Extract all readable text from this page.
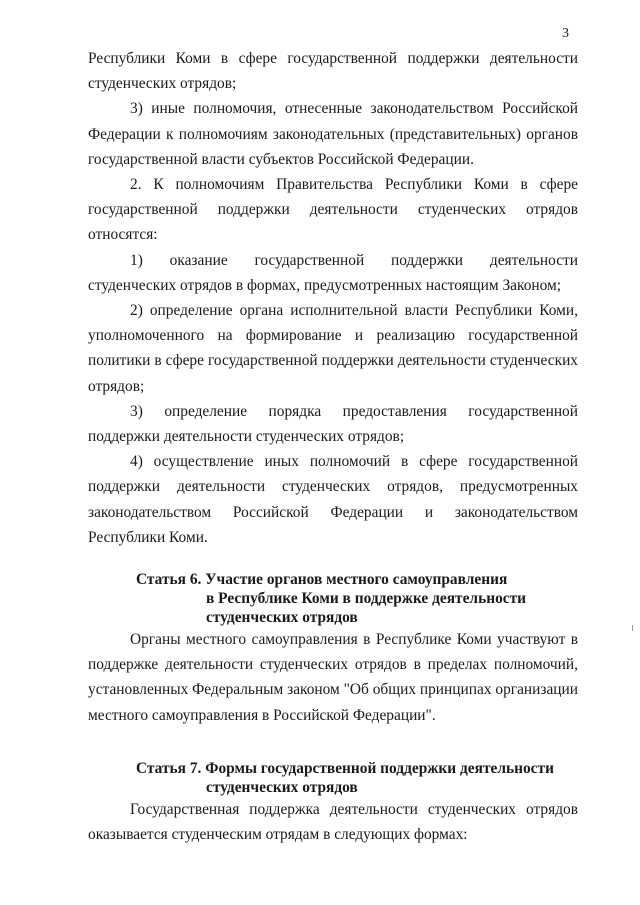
3

Республики Коми в сфере государственной поддержки деятельности студенческих отрядов;

3) иные полномочия, отнесенные законодательством Российской Федерации к полномочиям законодательных (представительных) органов государственной власти субъектов Российской Федерации.

2. К полномочиям Правительства Республики Коми в сфере государственной поддержки деятельности студенческих отрядов относятся:

1) оказание государственной поддержки деятельности студенческих отрядов в формах, предусмотренных настоящим Законом;

2) определение органа исполнительной власти Республики Коми, уполномоченного на формирование и реализацию государственной политики в сфере государственной поддержки деятельности студенческих отрядов;

3) определение порядка предоставления государственной поддержки деятельности студенческих отрядов;

4) осуществление иных полномочий в сфере государственной поддержки деятельности студенческих отрядов, предусмотренных законодательством Российской Федерации и законодательством Республики Коми.

Статья 6. Участие органов местного самоуправления
в Республике Коми в поддержке деятельности
студенческих отрядов

Органы местного самоуправления в Республике Коми участвуют в поддержке деятельности студенческих отрядов в пределах полномочий, установленных Федеральным законом "Об общих принципах организации местного самоуправления в Российской Федерации".

Статья 7. Формы государственной поддержки деятельности
студенческих отрядов

Государственная поддержка деятельности студенческих отрядов оказывается студенческим отрядам в следующих формах:
